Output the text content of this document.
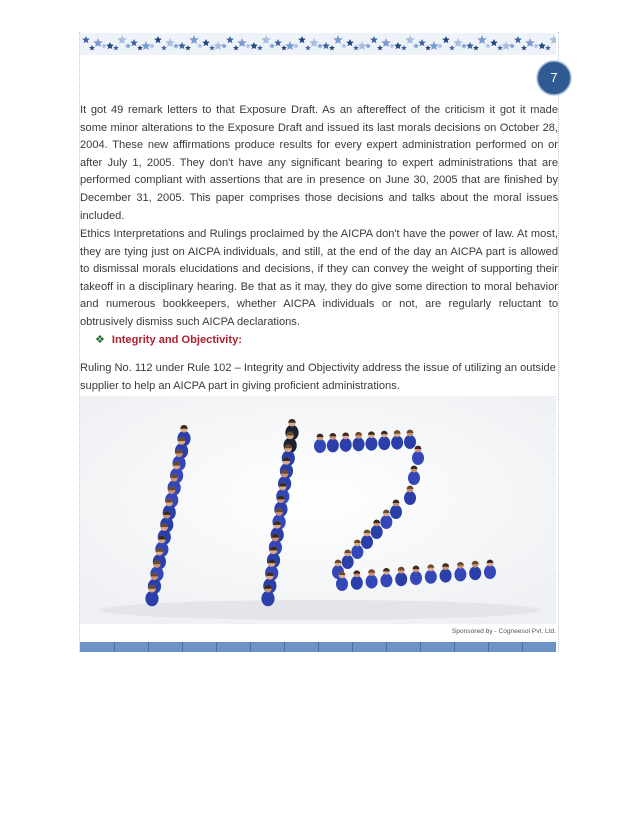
7

It got 49 remark letters to that Exposure Draft. As an aftereffect of the criticism it got it made some minor alterations to the Exposure Draft and issued its last morals decisions on October 28, 2004. These new affirmations produce results for every expert administration performed on or after July 1, 2005. They don't have any significant bearing to expert administrations that are performed compliant with assertions that are in presence on June 30, 2005 that are finished by December 31, 2005. This paper comprises those decisions and talks about the moral issues included.

Ethics Interpretations and Rulings proclaimed by the AICPA don't have the power of law. At most, they are tying just on AICPA individuals, and still, at the end of the day an AICPA part is allowed to dismissal morals elucidations and decisions, if they can convey the weight of supporting their takeoff in a disciplinary hearing. Be that as it may, they do give some direction to moral behavior and numerous bookkeepers, whether AICPA individuals or not, are regularly reluctant to obtrusively dismiss such AICPA declarations.

❖ Integrity and Objectivity:

Ruling No. 112 under Rule 102 – Integrity and Objectivity address the issue of utilizing an outside supplier to help an AICPA part in giving proficient administrations.

Sponsored by - Cogneesol Pvt. Ltd.
